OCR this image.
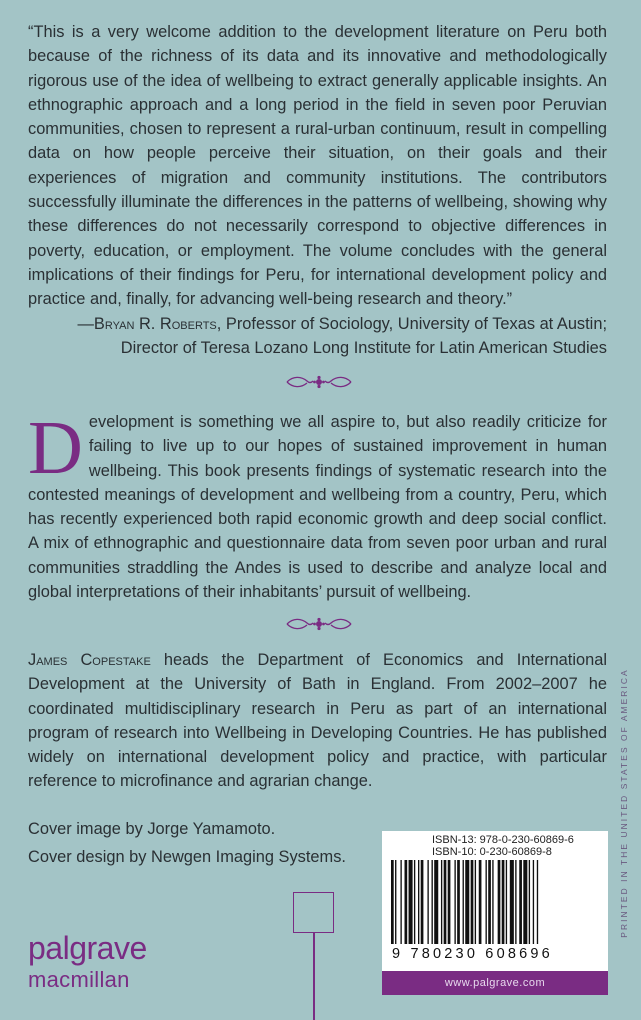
“This is a very welcome addition to the development literature on Peru both because of the richness of its data and its innovative and methodologically rigorous use of the idea of wellbeing to extract generally applicable insights. An ethnographic approach and a long period in the field in seven poor Peruvian communities, chosen to represent a rural-urban continuum, result in compelling data on how people perceive their situation, on their goals and their experiences of migration and community institutions. The contributors successfully illuminate the differences in the patterns of wellbeing, showing why these differences do not necessarily correspond to objective differences in poverty, education, or employment. The volume concludes with the general implications of their findings for Peru, for international development policy and practice and, finally, for advancing well-being research and theory.”

—Bryan R. Roberts, Professor of Sociology, University of Texas at Austin;
Director of Teresa Lozano Long Institute for Latin American Studies

Development is something we all aspire to, but also readily criticize for failing to live up to our hopes of sustained improvement in human wellbeing. This book presents findings of systematic research into the contested meanings of development and wellbeing from a country, Peru, which has recently experienced both rapid economic growth and deep social conflict. A mix of ethnographic and questionnaire data from seven poor urban and rural communities straddling the Andes is used to describe and analyze local and global interpretations of their inhabitants’ pursuit of wellbeing.

James Copestake heads the Department of Economics and International Development at the University of Bath in England. From 2002–2007 he coordinated multidisciplinary research in Peru as part of an international program of research into Wellbeing in Developing Countries. He has published widely on international development policy and practice, with particular reference to microfinance and agrarian change.

Cover image by Jorge Yamamoto.
Cover design by Newgen Imaging Systems.
palgrave
macmillan
ISBN-13: 978-0-230-60869-6
ISBN-10: 0-230-60869-8
9 780230 608696
www.palgrave.com
PRINTED IN THE UNITED STATES OF AMERICA
